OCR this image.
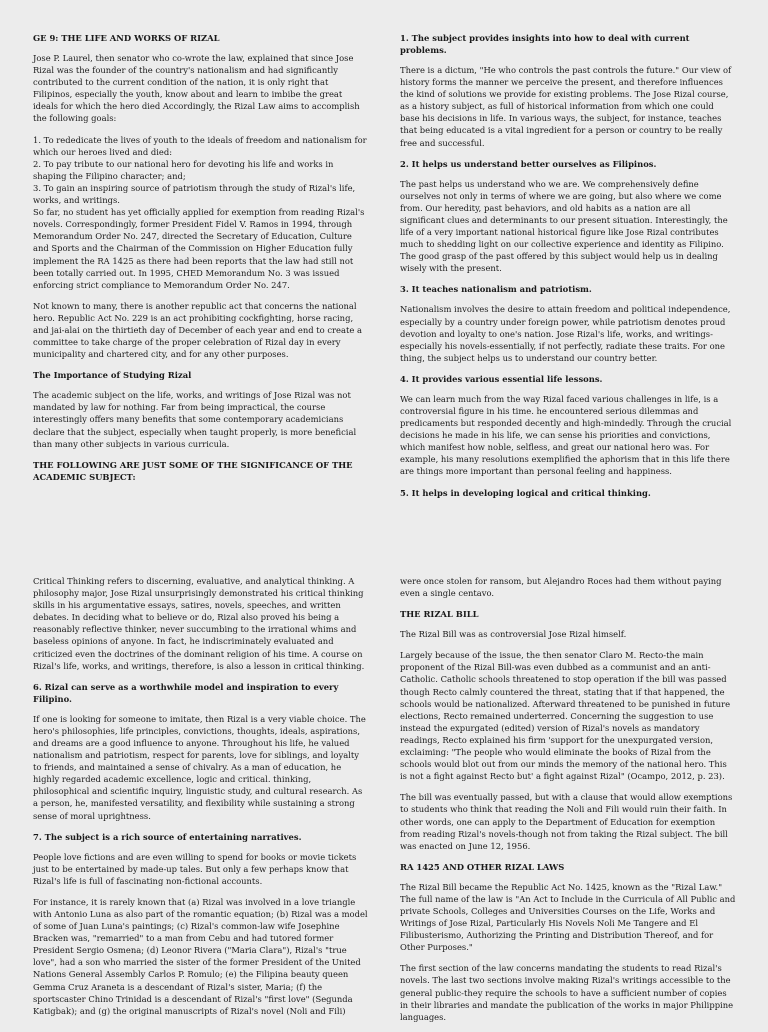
GE 9: THE LIFE AND WORKS OF RIZAL

Jose P. Laurel, then senator who co-wrote the law, explained that since Jose Rizal was the founder of the country's nationalism and had significantly contributed to the current condition of the nation, it is only right that Filipinos, especially the youth, know about and learn to imbibe the great ideals for which the hero died Accordingly, the Rizal Law aims to accomplish the following goals:

1. To rededicate the lives of youth to the ideals of freedom and nationalism for which our heroes lived and died:

2. To pay tribute to our national hero for devoting his life and works in shaping the Filipino character; and;

3. To gain an inspiring source of patriotism through the study of Rizal's life, works, and writings.

So far, no student has yet officially applied for exemption from reading Rizal's novels. Correspondingly, former President Fidel V. Ramos in 1994, through Memorandum Order No. 247, directed the Secretary of Education, Culture and Sports and the Chairman of the Commission on Higher Education fully implement the RA 1425 as there had been reports that the law had still not been totally carried out. In 1995, CHED Memorandum No. 3 was issued enforcing strict compliance to Memorandum Order No. 247.

Not known to many, there is another republic act that concerns the national hero. Republic Act No. 229 is an act prohibiting cockfighting, horse racing, and jai-alai on the thirtieth day of December of each year and end to create a committee to take charge of the proper celebration of Rizal day in every municipality and chartered city, and for any other purposes.

The Importance of Studying Rizal

The academic subject on the life, works, and writings of Jose Rizal was not mandated by law for nothing. Far from being impractical, the course interestingly offers many benefits that some contemporary academicians declare that the subject, especially when taught properly, is more beneficial than many other subjects in various curricula.

THE FOLLOWING ARE JUST SOME OF THE SIGNIFICANCE OF THE ACADEMIC SUBJECT:
1. The subject provides insights into how to deal with current problems.

There is a dictum, "He who controls the past controls the future." Our view of history forms the manner we perceive the present, and therefore influences the kind of solutions we provide for existing problems. The Jose Rizal course, as a history subject, as full of historical information from which one could base his decisions in life. In various ways, the subject, for instance, teaches that being educated is a vital ingredient for a person or country to be really free and successful.

2. It helps us understand better ourselves as Filipinos.

The past helps us understand who we are. We comprehensively define ourselves not only in terms of where we are going, but also where we come from. Our heredity, past behaviors, and old habits as a nation are all significant clues and determinants to our present situation. Interestingly, the life of a very important national historical figure like Jose Rizal contributes much to shedding light on our collective experience and identity as Filipino. The good grasp of the past offered by this subject would help us in dealing wisely with the present.

3. It teaches nationalism and patriotism.

Nationalism involves the desire to attain freedom and political independence, especially by a country under foreign power, while patriotism denotes proud devotion and loyalty to one's nation. Jose Rizal's life, works, and writings-especially his novels-essentially, if not perfectly, radiate these traits. For one thing, the subject helps us to understand our country better.

4. It provides various essential life lessons.

We can learn much from the way Rizal faced various challenges in life, is a controversial figure in his time. he encountered serious dilemmas and predicaments but responded decently and high-mindedly. Through the crucial decisions he made in his life, we can sense his priorities and convictions, which manifest how noble, selfless, and great our national hero was. For example, his many resolutions exemplified the aphorism that in this life there are things more important than personal feeling and happiness.

5. It helps in developing logical and critical thinking.

Critical Thinking refers to discerning, evaluative, and analytical thinking. A philosophy major, Jose Rizal unsurprisingly demonstrated his critical thinking skills in his argumentative essays, satires, novels, speeches, and written debates. In deciding what to believe or do, Rizal also proved his being a reasonably reflective thinker, never succumbing to the irrational whims and baseless opinions of anyone. In fact, he indiscriminately evaluated and criticized even the doctrines of the dominant religion of his time. A course on Rizal's life, works, and writings, therefore, is also a lesson in critical thinking.

6. Rizal can serve as a worthwhile model and inspiration to every Filipino.

If one is looking for someone to imitate, then Rizal is a very viable choice. The hero's philosophies, life principles, convictions, thoughts, ideals, aspirations, and dreams are a good influence to anyone. Throughout his life, he valued nationalism and patriotism, respect for parents, love for siblings, and loyalty to friends, and maintained a sense of chivalry. As a man of education, he highly regarded academic excellence, logic and critical. thinking, philosophical and scientific inquiry, linguistic study, and cultural research. As a person, he, manifested versatility, and flexibility while sustaining a strong sense of moral uprightness.

7. The subject is a rich source of entertaining narratives.

People love fictions and are even willing to spend for books or movie tickets just to be entertained by made-up tales. But only a few perhaps know that Rizal's life is full of fascinating non-fictional accounts.

For instance, it is rarely known that (a) Rizal was involved in a love triangle with Antonio Luna as also part of the romantic equation; (b) Rizal was a model of some of Juan Luna's paintings; (c) Rizal's common-law wife Josephine Bracken was, "remarried" to a man from Cebu and had tutored former President Sergio Osmena; (d) Leonor Rivera ("Maria Clara"), Rizal's "true love", had a son who married the sister of the former President of the United Nations General Assembly Carlos P. Romulo; (e) the Filipina beauty queen Gemma Cruz Araneta is a descendant of Rizal's sister, Maria; (f) the sportscaster Chino Trinidad is a descendant of Rizal's "first love" (Segunda Katigbak); and (g) the original manuscripts of Rizal's novel (Noli and Fili)

were once stolen for ransom, but Alejandro Roces had them without paying even a single centavo.

THE RIZAL BILL

The Rizal Bill was as controversial Jose Rizal himself.

Largely because of the issue, the then senator Claro M. Recto-the main proponent of the Rizal Bill-was even dubbed as a communist and an anti-Catholic. Catholic schools threatened to stop operation if the bill was passed though Recto calmly countered the threat, stating that if that happened, the schools would be nationalized. Afterward threatened to be punished in future elections, Recto remained underterred. Concerning the suggestion to use instead the expurgated (edited) version of Rizal's novels as mandatory readings, Recto explained his firm 'support for the unexpurgated version, exclaiming: "The people who would eliminate the books of Rizal from the schools would blot out from our minds the memory of the national hero. This is not a fight against Recto but' a fight against Rizal" (Ocampo, 2012, p. 23).

The bill was eventually passed, but with a clause that would allow exemptions to students who think that reading the Noli and Fili would ruin their faith. In other words, one can apply to the Department of Education for exemption from reading Rizal's novels-though not from taking the Rizal subject. The bill was enacted on June 12, 1956.

RA 1425 AND OTHER RIZAL LAWS

The Rizal Bill became the Republic Act No. 1425, known as the "Rizal Law." The full name of the law is "An Act to Include in the Curricula of All Public and private Schools, Colleges and Universities Courses on the Life, Works and Writings of Jose Rizal, Particularly His Novels Noli Me Tangere and El Filibusterismo, Authorizing the Printing and Distribution Thereof, and for Other Purposes."

The first section of the law concerns mandating the students to read Rizal's novels. The last two sections involve making Rizal's writings accessible to the general public-they require the schools to have a sufficient number of copies in their libraries and mandate the publication of the works in major Philippine languages.
